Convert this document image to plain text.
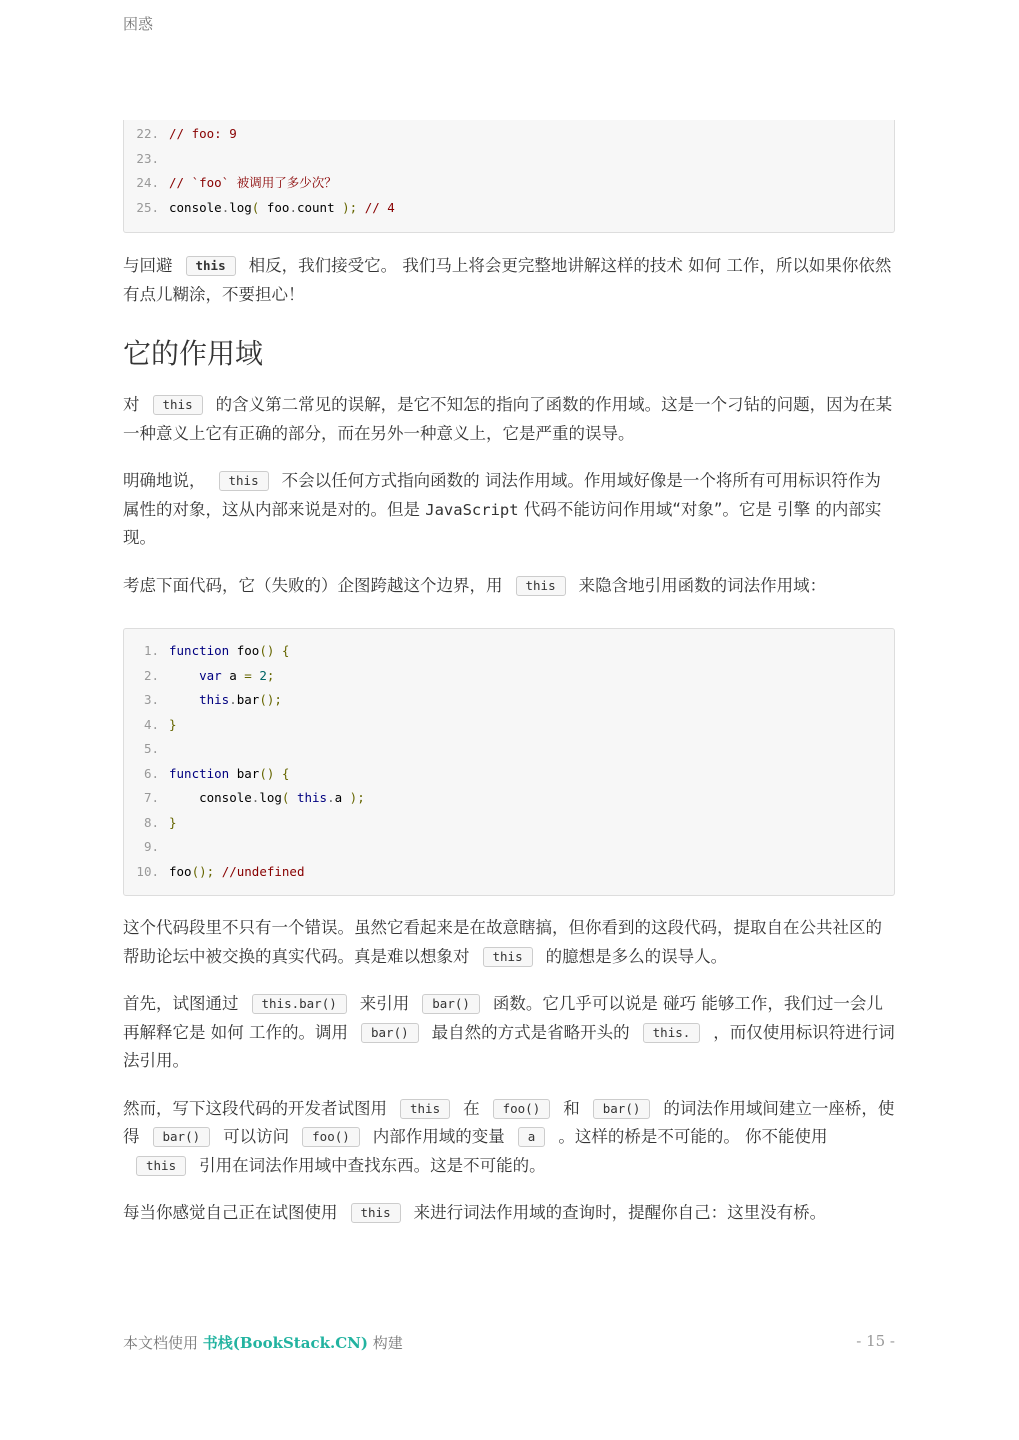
困惑
22. // foo: 9
23.
24. // `foo` 被调用了多少次？
25. console.log( foo.count ); // 4

与回避 this 相反，我们接受它。 我们马上将会更完整地讲解这样的技术 如何 工作，所以如果你依然有点儿糊涂，不要担心！

它的作用域

对 this 的含义第二常见的误解，是它不知怎的指向了函数的作用域。这是一个刁钻的问题，因为在某一种意义上它有正确的部分，而在另外一种意义上，它是严重的误导。

明确地说， this 不会以任何方式指向函数的 词法作用域。作用域好像是一个将所有可用标识符作为属性的对象，这从内部来说是对的。但是 JavaScript 代码不能访问作用域“对象”。它是 引擎 的内部实现。

考虑下面代码，它（失败的）企图跨越这个边界，用 this 来隐含地引用函数的词法作用域：

1. function foo() {
2.	var a = 2;
3.	this.bar();
4. }
5.
6. function bar() {
7. console.log( this.a );
8. }
9.
10. foo(); //undefined

这个代码段里不只有一个错误。虽然它看起来是在故意瞎搞，但你看到的这段代码，提取自在公共社区的帮助论坛中被交换的真实代码。真是难以想象对 this 的臆想是多么的误导人。

首先，试图通过 this.bar() 来引用 bar() 函数。它几乎可以说是 碰巧 能够工作，我们过一会儿再解释它是 如何 工作的。调用 bar() 最自然的方式是省略开头的 this. ，而仅使用标识符进行词法引用。

然而，写下这段代码的开发者试图用 this 在 foo() 和 bar() 的词法作用域间建立一座桥，使得 bar() 可以访问 foo() 内部作用域的变量 a 。这样的桥是不可能的。 你不能使用this 引用在词法作用域中查找东西。这是不可能的。

每当你感觉自己正在试图使用 this 来进行词法作用域的查询时，提醒你自己：这里没有桥。

本文档使用 书栈(BookStack.CN) 构建	- 15 -
